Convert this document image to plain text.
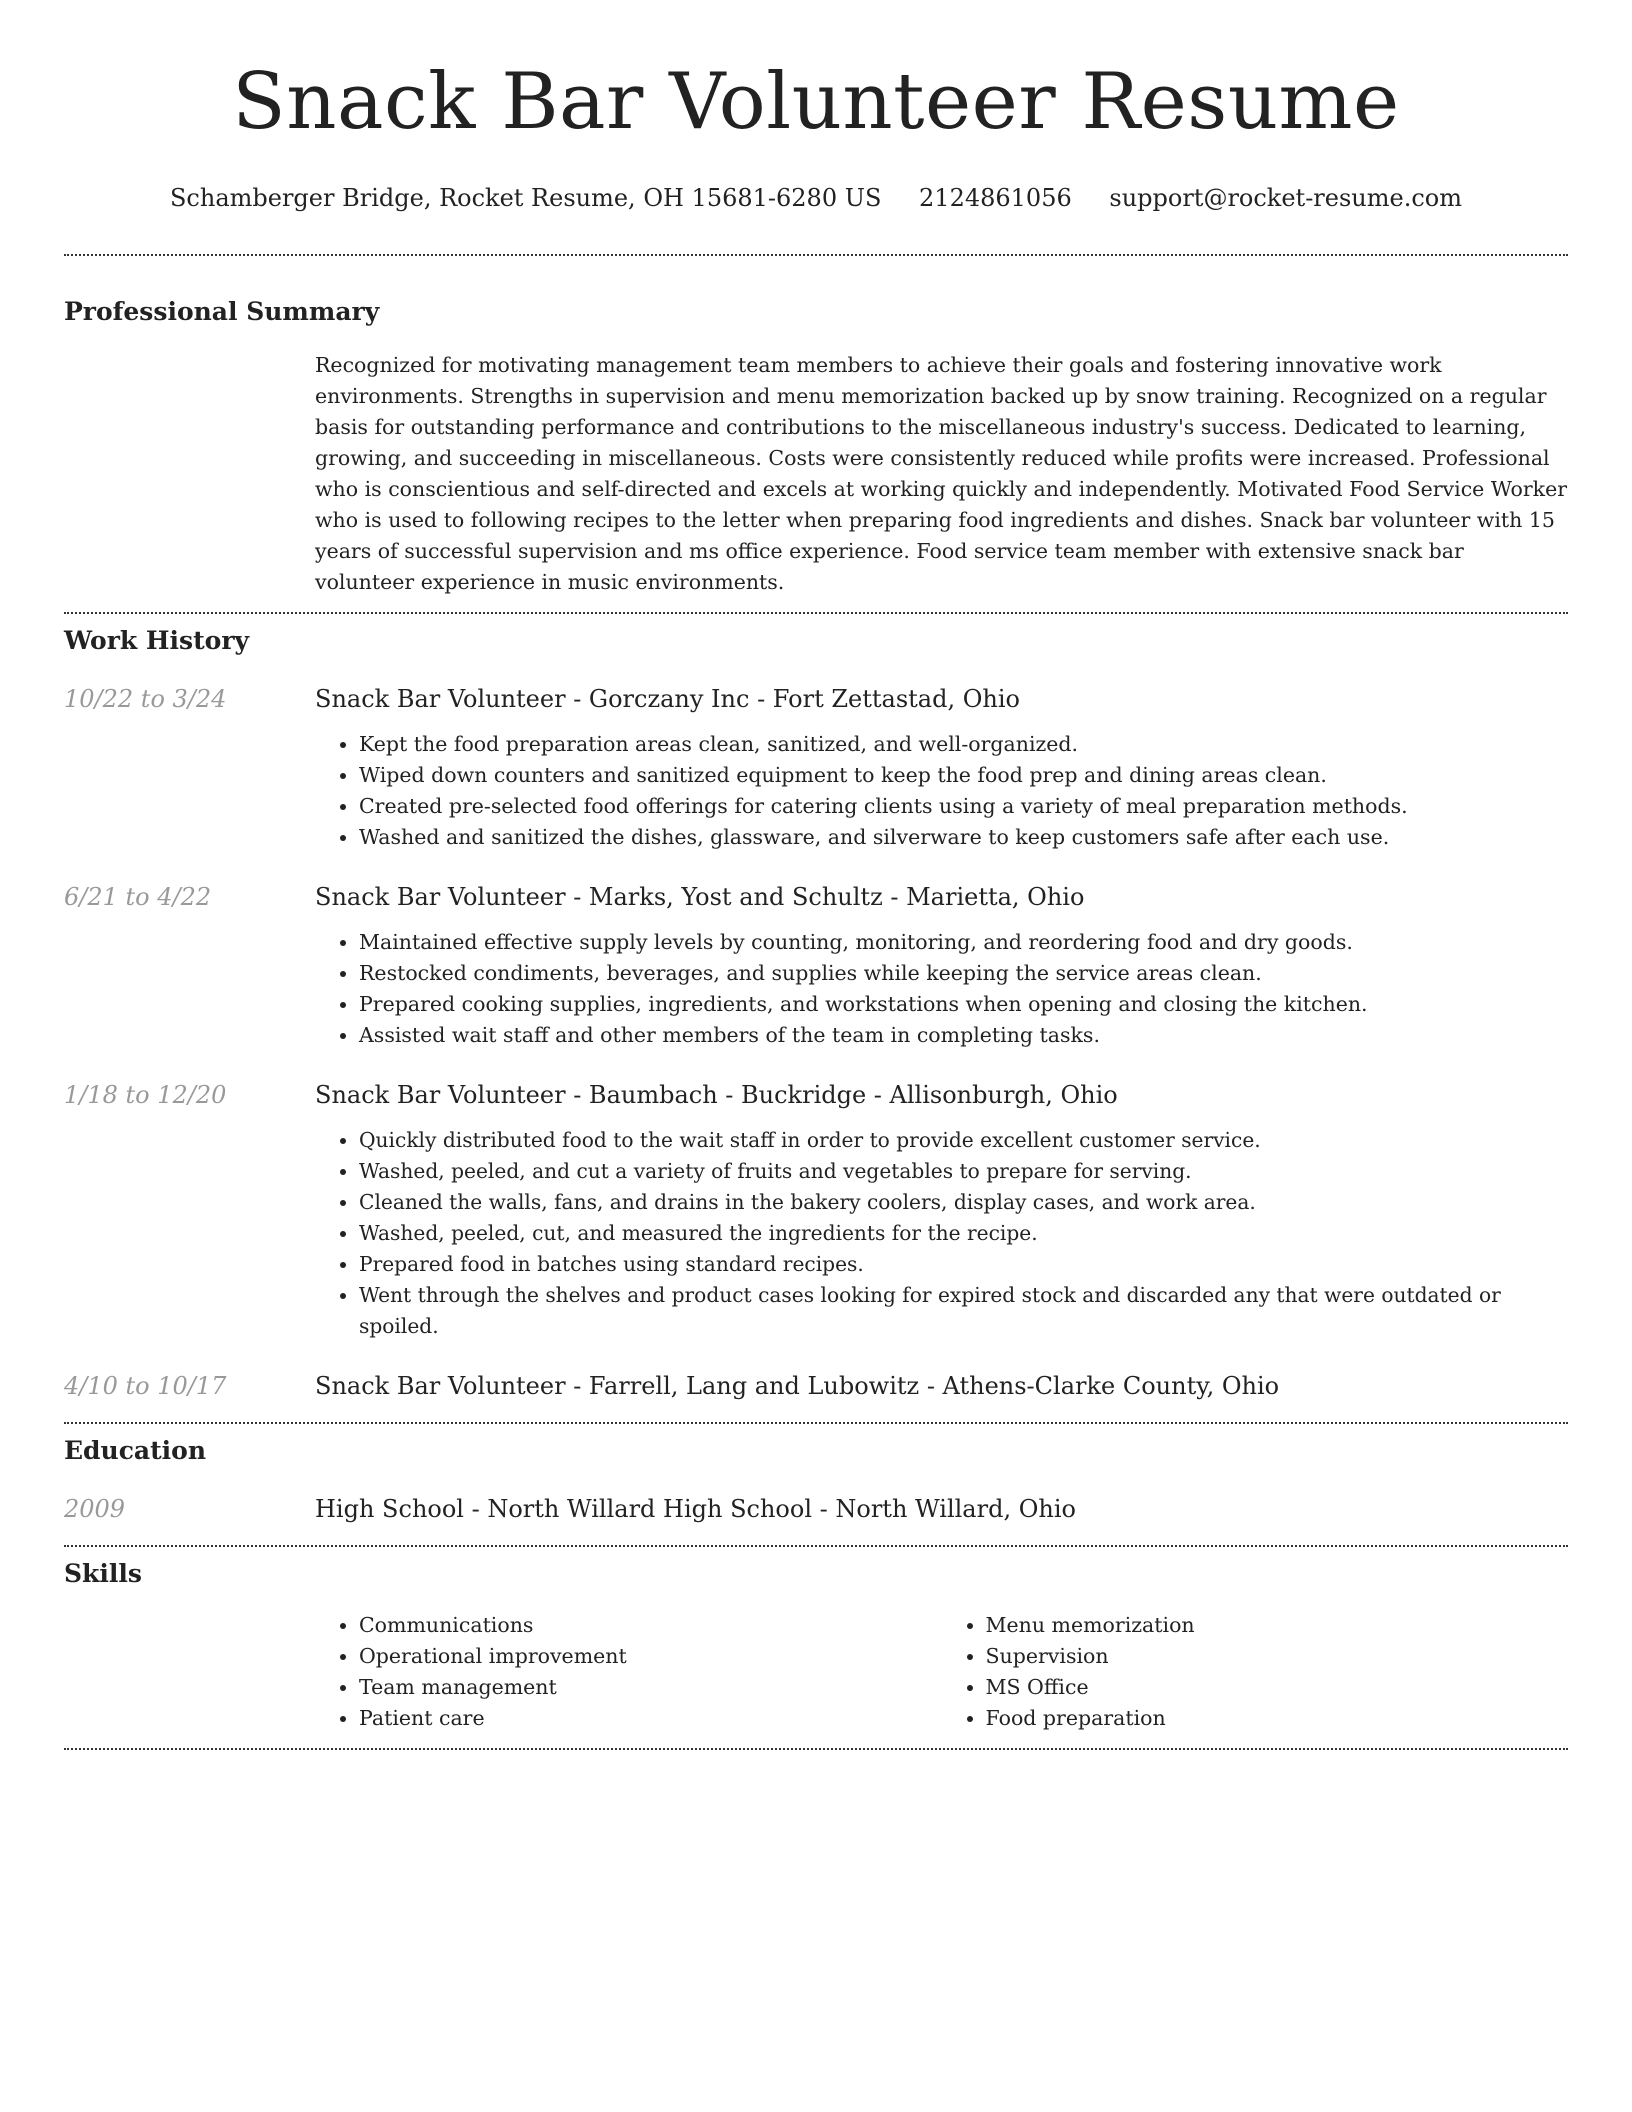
Snack Bar Volunteer Resume
Schamberger Bridge, Rocket Resume, OH 15681-6280 US 2124861056 support@rocket-resume.com
Professional Summary

Recognized for motivating management team members to achieve their goals and fostering innovative work environments. Strengths in supervision and menu memorization backed up by snow training. Recognized on a regular basis for outstanding performance and contributions to the miscellaneous industry's success. Dedicated to learning, growing, and succeeding in miscellaneous. Costs were consistently reduced while profits were increased. Professional who is conscientious and self-directed and excels at working quickly and independently. Motivated Food Service Worker who is used to following recipes to the letter when preparing food ingredients and dishes. Snack bar volunteer with 15 years of successful supervision and ms office experience. Food service team member with extensive snack bar volunteer experience in music environments.

Work History
10/22 to 3/24	Snack Bar Volunteer - Gorczany Inc - Fort Zettastad, Ohio
• Kept the food preparation areas clean, sanitized, and well-organized.
• Wiped down counters and sanitized equipment to keep the food prep and dining areas clean.
• Created pre-selected food offerings for catering clients using a variety of meal preparation methods.
• Washed and sanitized the dishes, glassware, and silverware to keep customers safe after each use.
6/21 to 4/22	Snack Bar Volunteer - Marks, Yost and Schultz - Marietta, Ohio
• Maintained effective supply levels by counting, monitoring, and reordering food and dry goods.
• Restocked condiments, beverages, and supplies while keeping the service areas clean.
• Prepared cooking supplies, ingredients, and workstations when opening and closing the kitchen.
• Assisted wait staff and other members of the team in completing tasks.
1/18 to 12/20	Snack Bar Volunteer - Baumbach - Buckridge - Allisonburgh, Ohio
• Quickly distributed food to the wait staff in order to provide excellent customer service.
• Washed, peeled, and cut a variety of fruits and vegetables to prepare for serving.
• Cleaned the walls, fans, and drains in the bakery coolers, display cases, and work area.
• Washed, peeled, cut, and measured the ingredients for the recipe.
• Prepared food in batches using standard recipes.
• Went through the shelves and product cases looking for expired stock and discarded any that were outdated or spoiled.
4/10 to 10/17	Snack Bar Volunteer - Farrell, Lang and Lubowitz - Athens-Clarke County, Ohio
Education
2009	High School - North Willard High School - North Willard, Ohio
Skills
• Communications
• Operational improvement
• Team management
• Patient care
• Menu memorization
• Supervision
• MS Office
• Food preparation
